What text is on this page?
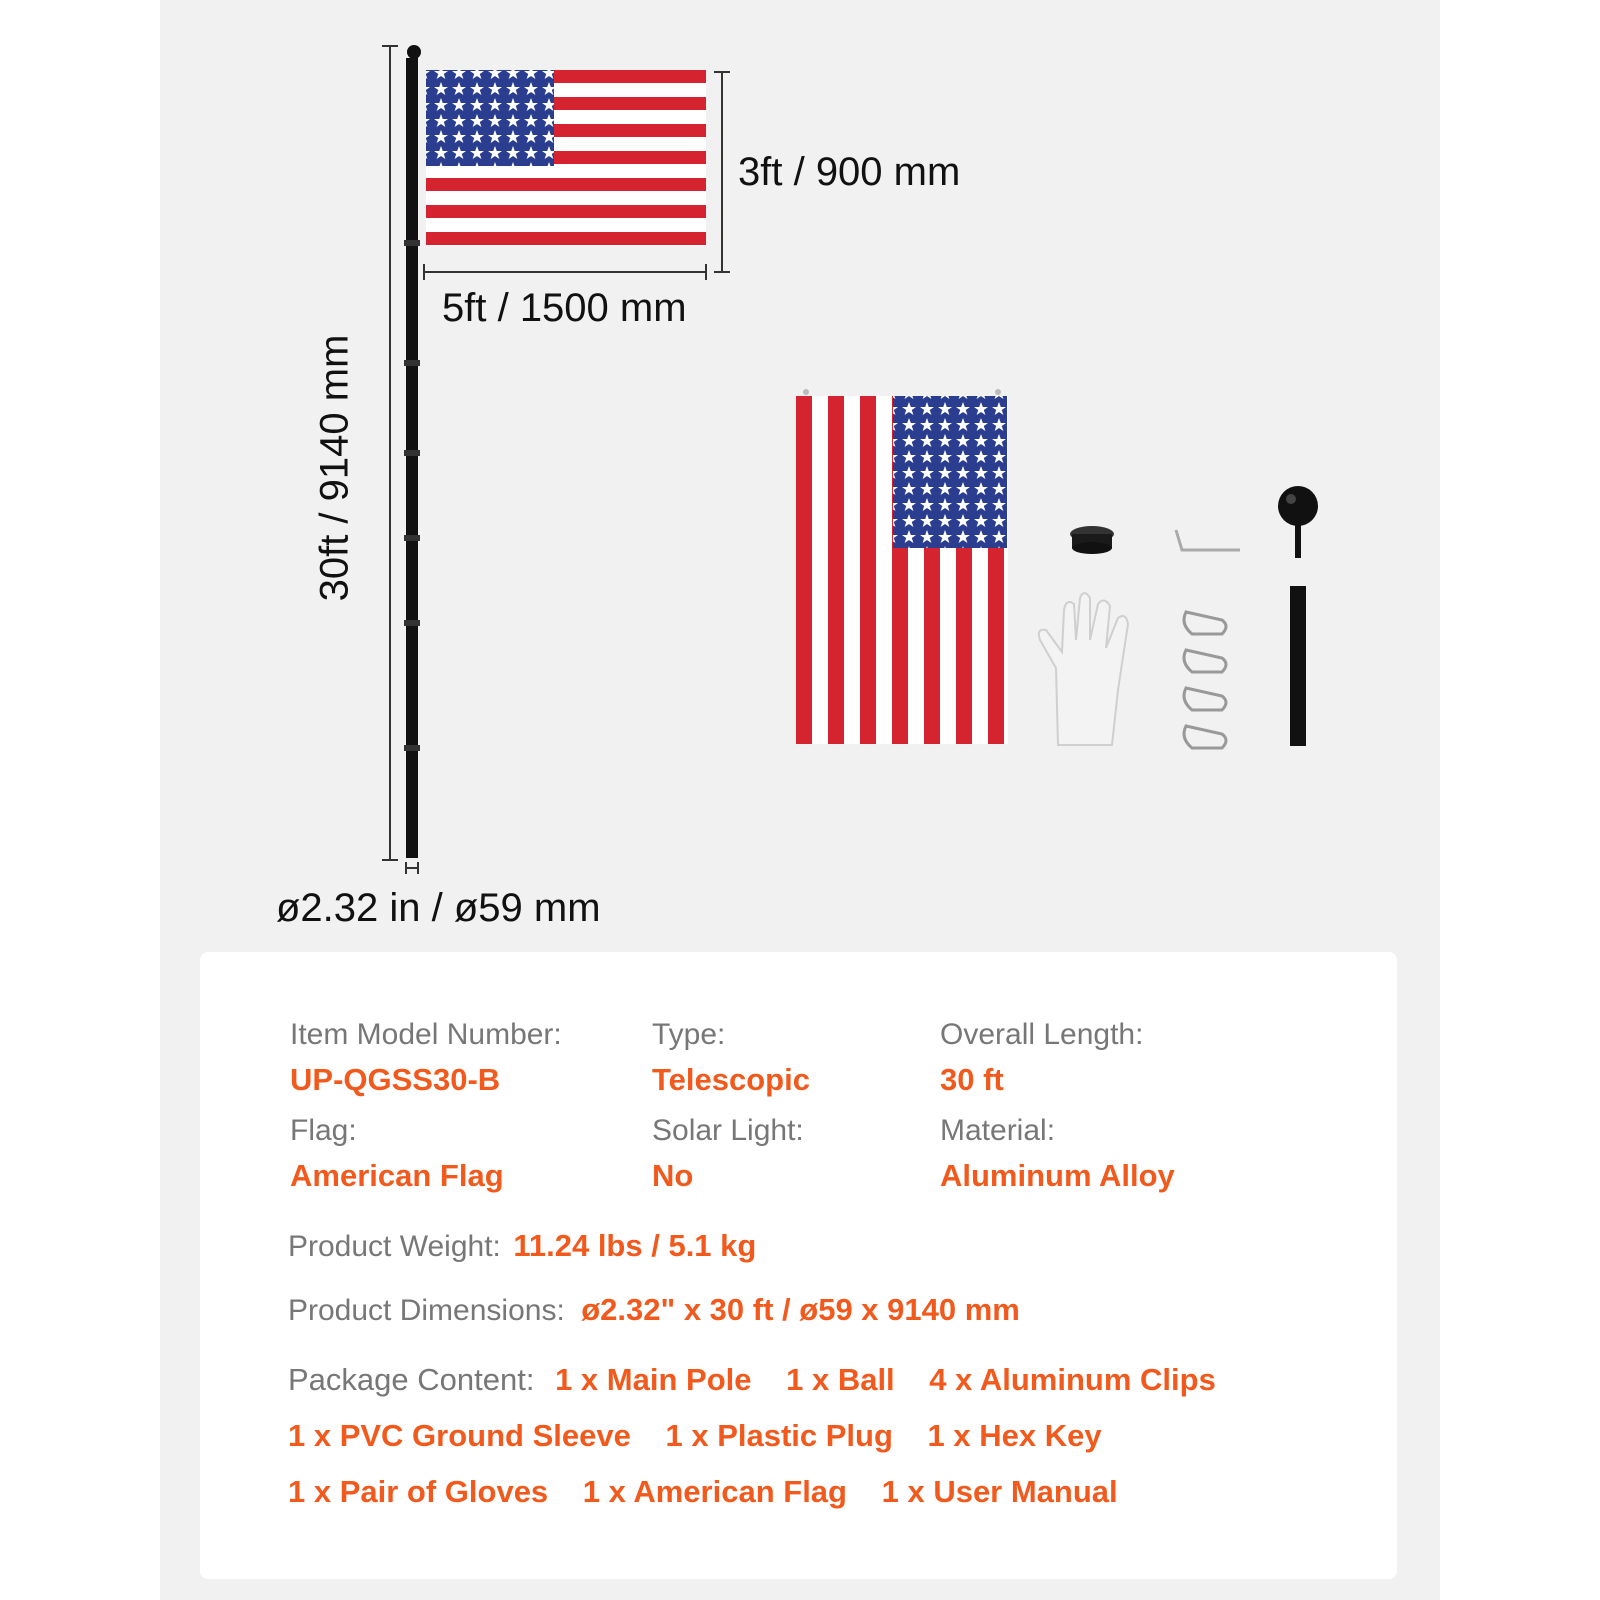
3ft / 900 mm
5ft / 1500 mm
30ft / 9140 mm
ø2.32 in / ø59 mm
Item Model Number:
UP-QGSS30-B
Type:
Telescopic
Overall Length:
30 ft
Flag:
American Flag
Solar Light:
No
Material:
Aluminum Alloy
Product Weight: 11.24 lbs / 5.1 kg
Product Dimensions: ø2.32" x 30 ft / ø59 x 9140 mm
Package Content: 1 x Main Pole 1 x Ball 4 x Aluminum Clips
1 x PVC Ground Sleeve 1 x Plastic Plug 1 x Hex Key
1 x Pair of Gloves 1 x American Flag 1 x User Manual
